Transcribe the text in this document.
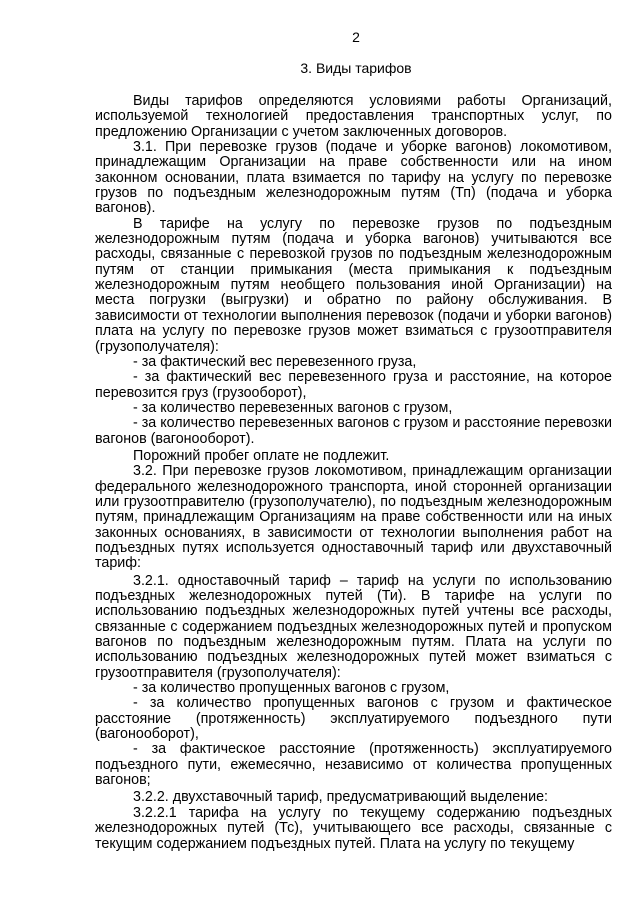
2
3. Виды тарифов

Виды тарифов определяются условиями работы Организаций, используемой технологией предоставления транспортных услуг, по предложению Организации с учетом заключенных договоров.

3.1. При перевозке грузов (подаче и уборке вагонов) локомотивом, принадлежащим Организации на праве собственности или на ином законном основании, плата взимается по тарифу на услугу по перевозке грузов по подъездным железнодорожным путям (Тп) (подача и уборка вагонов).

В тарифе на услугу по перевозке грузов по подъездным железнодорожным путям (подача и уборка вагонов) учитываются все расходы, связанные с перевозкой грузов по подъездным железнодорожным путям от станции примыкания (места примыкания к подъездным железнодорожным путям необщего пользования иной Организации) на места погрузки (выгрузки) и обратно по району обслуживания. В зависимости от технологии выполнения перевозок (подачи и уборки вагонов) плата на услугу по перевозке грузов может взиматься с грузоотправителя (грузополучателя):

- за фактический вес перевезенного груза,

- за фактический вес перевезенного груза и расстояние, на которое перевозится груз (грузооборот),

- за количество перевезенных вагонов с грузом,

- за количество перевезенных вагонов с грузом и расстояние перевозки вагонов (вагонооборот).

Порожний пробег оплате не подлежит.

3.2. При перевозке грузов локомотивом, принадлежащим организации федерального железнодорожного транспорта, иной сторонней организации или грузоотправителю (грузополучателю), по подъездным железнодорожным путям, принадлежащим Организациям на праве собственности или на иных законных основаниях, в зависимости от технологии выполнения работ на подъездных путях используется одноставочный тариф или двухставочный тариф:

3.2.1. одноставочный тариф – тариф на услуги по использованию подъездных железнодорожных путей (Ти). В тарифе на услуги по использованию подъездных железнодорожных путей учтены все расходы, связанные с содержанием подъездных железнодорожных путей и пропуском вагонов по подъездным железнодорожным путям. Плата на услуги по использованию подъездных железнодорожных путей может взиматься с грузоотправителя (грузополучателя):

- за количество пропущенных вагонов с грузом,

- за количество пропущенных вагонов с грузом и фактическое расстояние (протяженность) эксплуатируемого подъездного пути (вагонооборот),

- за фактическое расстояние (протяженность) эксплуатируемого подъездного пути, ежемесячно, независимо от количества пропущенных вагонов;

3.2.2. двухставочный тариф, предусматривающий выделение:

3.2.2.1 тарифа на услугу по текущему содержанию подъездных железнодорожных путей (Тс), учитывающего все расходы, связанные с текущим содержанием подъездных путей. Плата на услугу по текущему
